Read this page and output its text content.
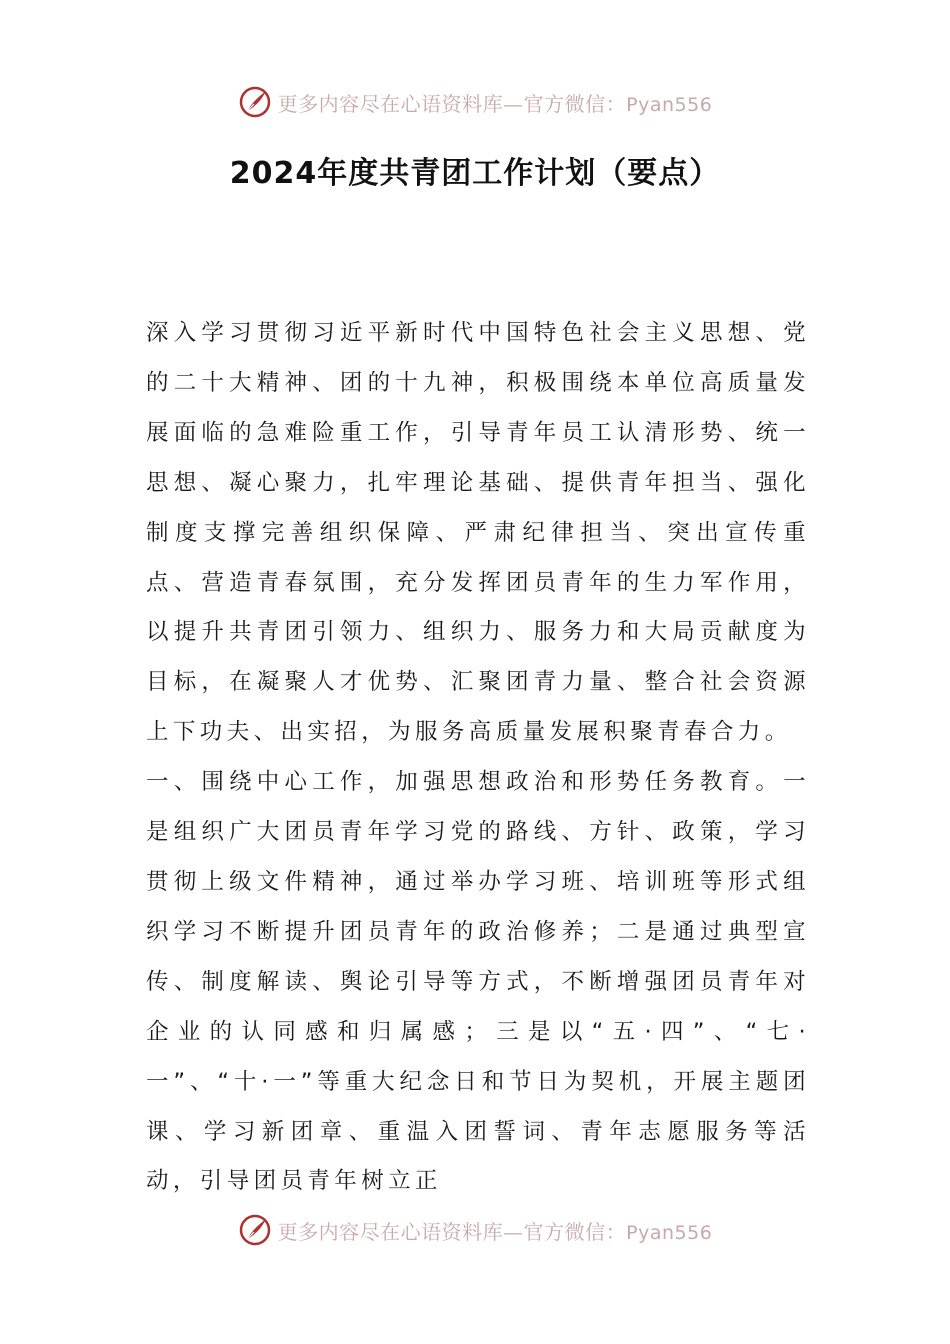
更多内容尽在心语资料库—官方微信：Pyan556
2024年度共青团工作计划（要点）

深入学习贯彻习近平新时代中国特色社会主义思想、党的二十大精神、团的十九神，积极围绕本单位高质量发展面临的急难险重工作，引导青年员工认清形势、统一思想、凝心聚力，扎牢理论基础、提供青年担当、强化制度支撑完善组织保障、严肃纪律担当、突出宣传重点、营造青春氛围，充分发挥团员青年的生力军作用，以提升共青团引领力、组织力、服务力和大局贡献度为目标，在凝聚人才优势、汇聚团青力量、整合社会资源上下功夫、出实招，为服务高质量发展积聚青春合力。

一、围绕中心工作，加强思想政治和形势任务教育。一是组织广大团员青年学习党的路线、方针、政策，学习贯彻上级文件精神，通过举办学习班、培训班等形式组织学习不断提升团员青年的政治修养；二是通过典型宣传、制度解读、舆论引导等方式，不断增强团员青年对企业的认同感和归属感；三是以“五·四”、“七·一”、“十·一”等重大纪念日和节日为契机，开展主题团课、学习新团章、重温入团誓词、青年志愿服务等活动，引导团员青年树立正

更多内容尽在心语资料库—官方微信：Pyan556
